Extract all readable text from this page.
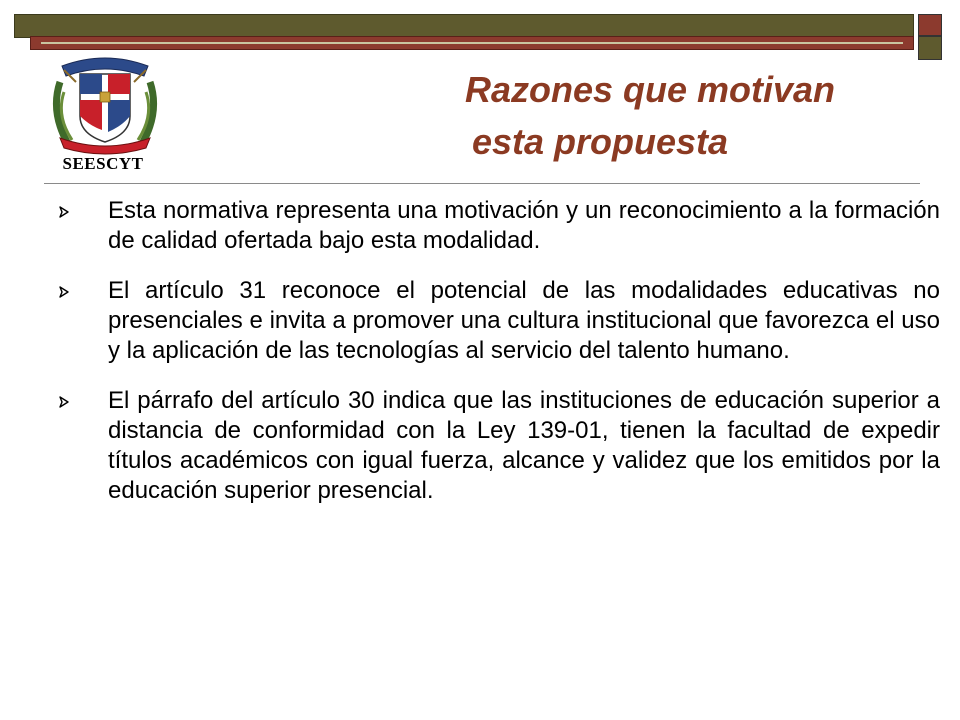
SEESCYT
Razones que motivan
esta propuesta
Esta normativa representa una motivación y un reconocimiento a la formación de calidad ofertada bajo esta modalidad.
El artículo 31 reconoce el potencial de las modalidades educativas no presenciales e invita a promover una cultura institucional que favorezca el uso y la aplicación de las tecnologías al servicio del talento humano.
El párrafo del artículo 30 indica que las instituciones de educación superior a distancia de conformidad con la Ley 139-01, tienen la facultad de expedir títulos académicos con igual fuerza, alcance y validez que los emitidos por la educación superior presencial.
